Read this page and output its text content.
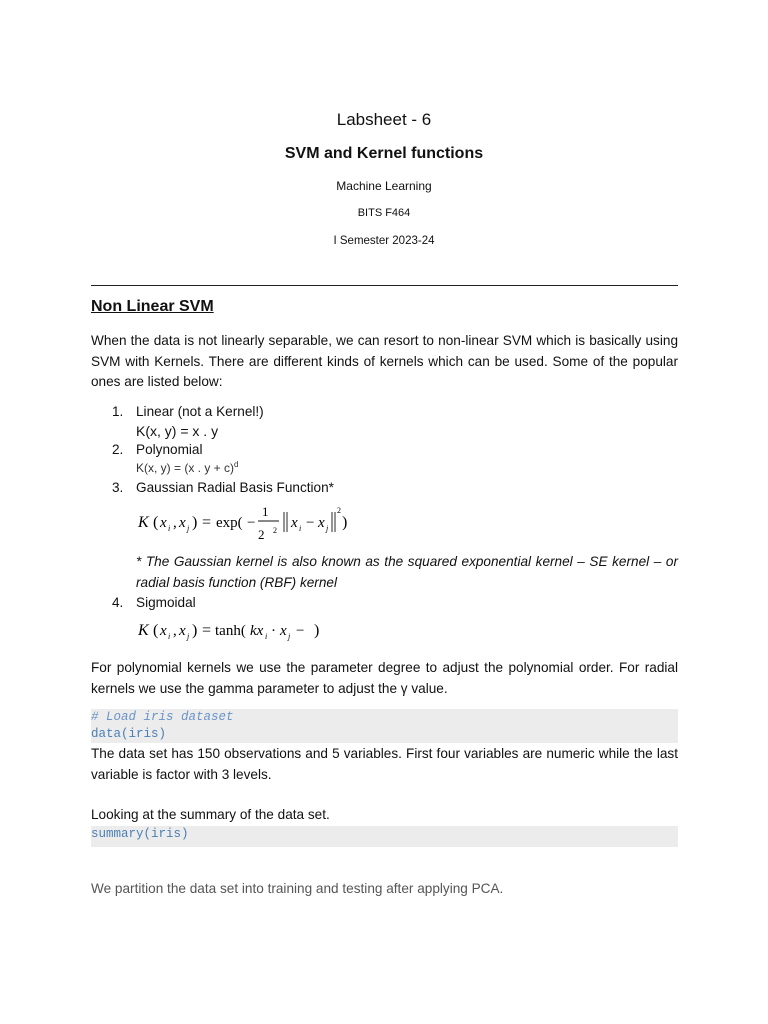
Labsheet - 6
SVM and Kernel functions
Machine Learning
BITS F464
I Semester 2023-24
Non Linear SVM
When the data is not linearly separable, we can resort to non-linear SVM which is basically using SVM with Kernels. There are different kinds of kernels which can be used. Some of the popular ones are listed below:
1. Linear (not a Kernel!)
K(x, y) = x . y
2. Polynomial
K(x, y) = (x . y + c)$^d$
3. Gaussian Radial Basis Function*
4. Sigmoidal
K ( x i , x j ) = exp( −
1
2 2 x i − x j
2
)
* The Gaussian kernel is also known as the squared exponential kernel – SE kernel – or radial basis function (RBF) kernel
K ( x i , x j ) = tanh( kx i · x j − )
For polynomial kernels we use the parameter degree to adjust the polynomial order. For radial kernels we use the gamma parameter to adjust the γ value.
# Load iris dataset
data(iris)
The data set has 150 observations and 5 variables. First four variables are numeric while the last variable is factor with 3 levels.
Looking at the summary of the data set.
summary(iris)
We partition the data set into training and testing after applying PCA.
